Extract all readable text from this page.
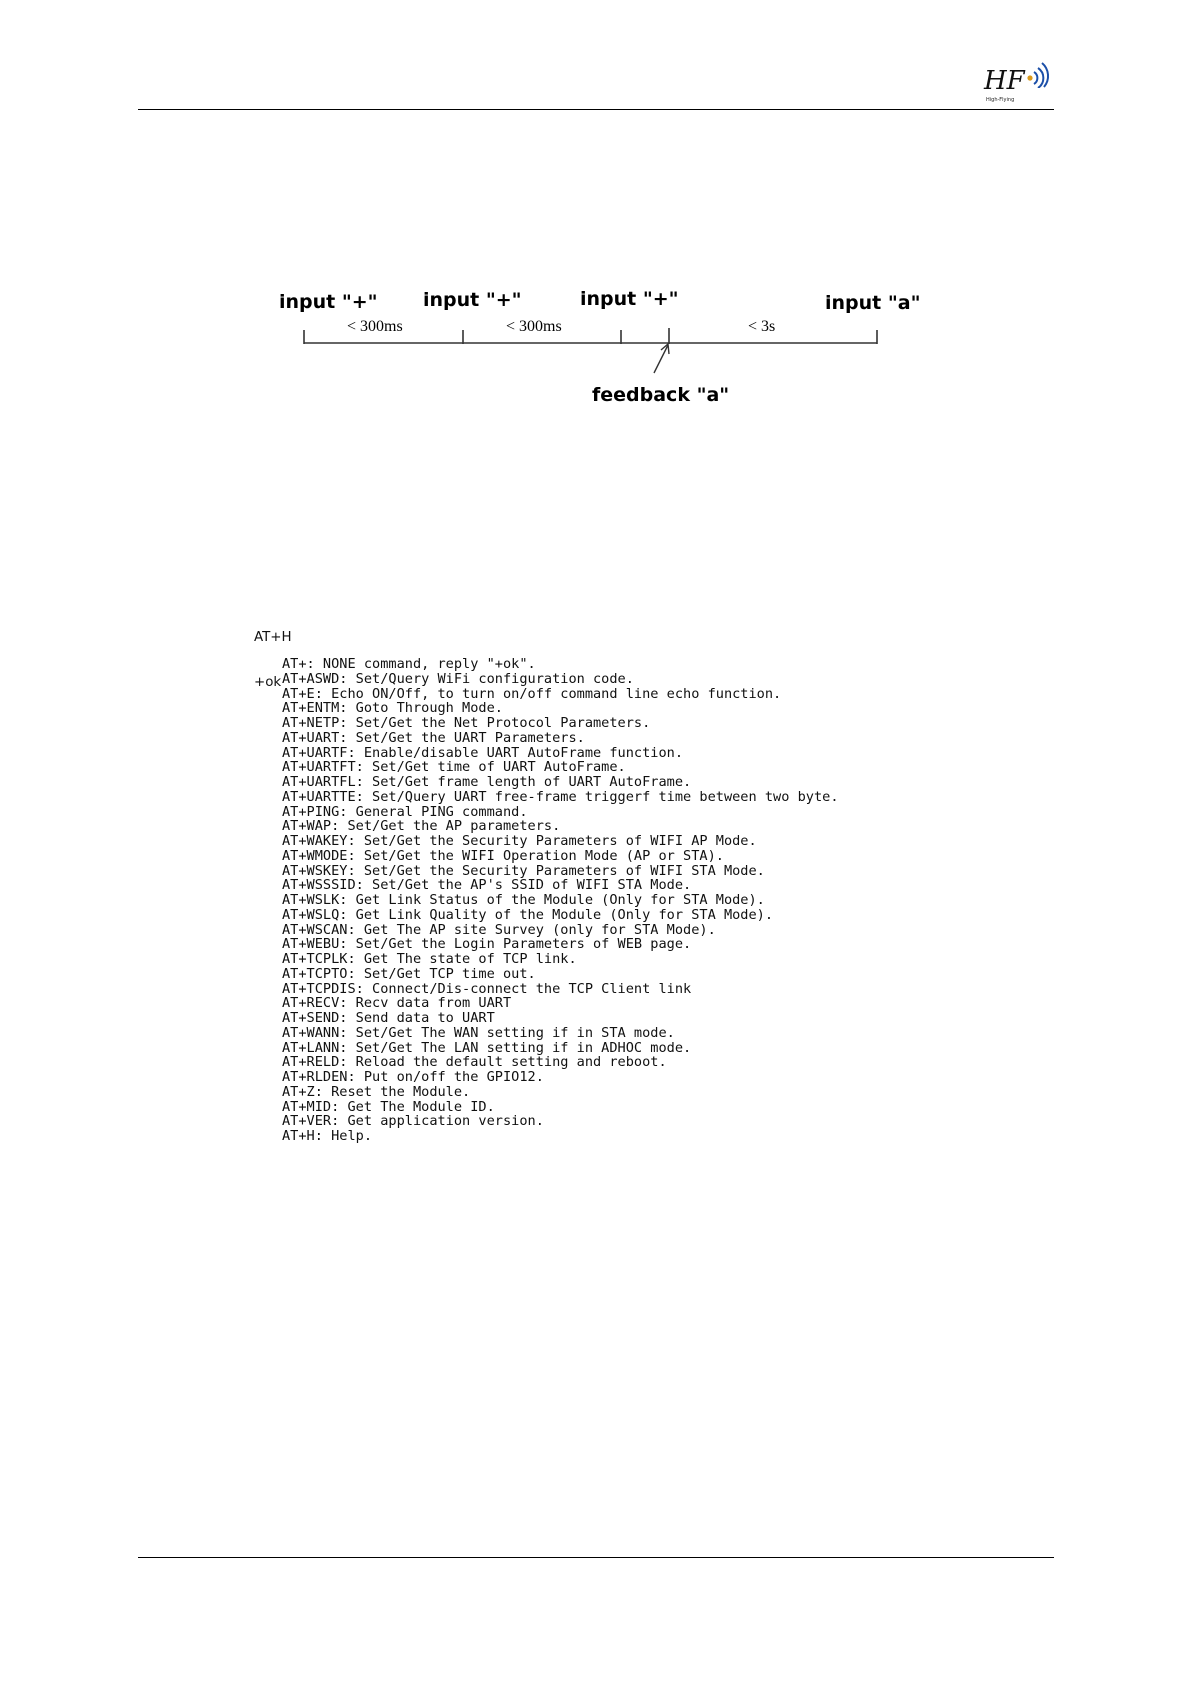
HF
High-Flying
input "+" input "+"	input "+"	input "a"
< 300ms	< 300ms	< 3s
feedback "a"

AT+H

+ok

AT+: NONE command, reply "+ok".
AT+ASWD: Set/Query WiFi configuration code.
AT+E: Echo ON/Off, to turn on/off command line echo function.
AT+ENTM: Goto Through Mode.
AT+NETP: Set/Get the Net Protocol Parameters.
AT+UART: Set/Get the UART Parameters.
AT+UARTF: Enable/disable UART AutoFrame function.
AT+UARTFT: Set/Get time of UART AutoFrame.
AT+UARTFL: Set/Get frame length of UART AutoFrame.
AT+UARTTE: Set/Query UART free-frame triggerf time between two byte.
AT+PING: General PING command.
AT+WAP: Set/Get the AP parameters.
AT+WAKEY: Set/Get the Security Parameters of WIFI AP Mode.
AT+WMODE: Set/Get the WIFI Operation Mode (AP or STA).
AT+WSKEY: Set/Get the Security Parameters of WIFI STA Mode.
AT+WSSSID: Set/Get the AP's SSID of WIFI STA Mode.
AT+WSLK: Get Link Status of the Module (Only for STA Mode).
AT+WSLQ: Get Link Quality of the Module (Only for STA Mode).
AT+WSCAN: Get The AP site Survey (only for STA Mode).
AT+WEBU: Set/Get the Login Parameters of WEB page.
AT+TCPLK: Get The state of TCP link.
AT+TCPTO: Set/Get TCP time out.
AT+TCPDIS: Connect/Dis-connect the TCP Client link
AT+RECV: Recv data from UART
AT+SEND: Send data to UART
AT+WANN: Set/Get The WAN setting if in STA mode.
AT+LANN: Set/Get The LAN setting if in ADHOC mode.
AT+RELD: Reload the default setting and reboot.
AT+RLDEN: Put on/off the GPIO12.
AT+Z: Reset the Module.
AT+MID: Get The Module ID.
AT+VER: Get application version.
AT+H: Help.
